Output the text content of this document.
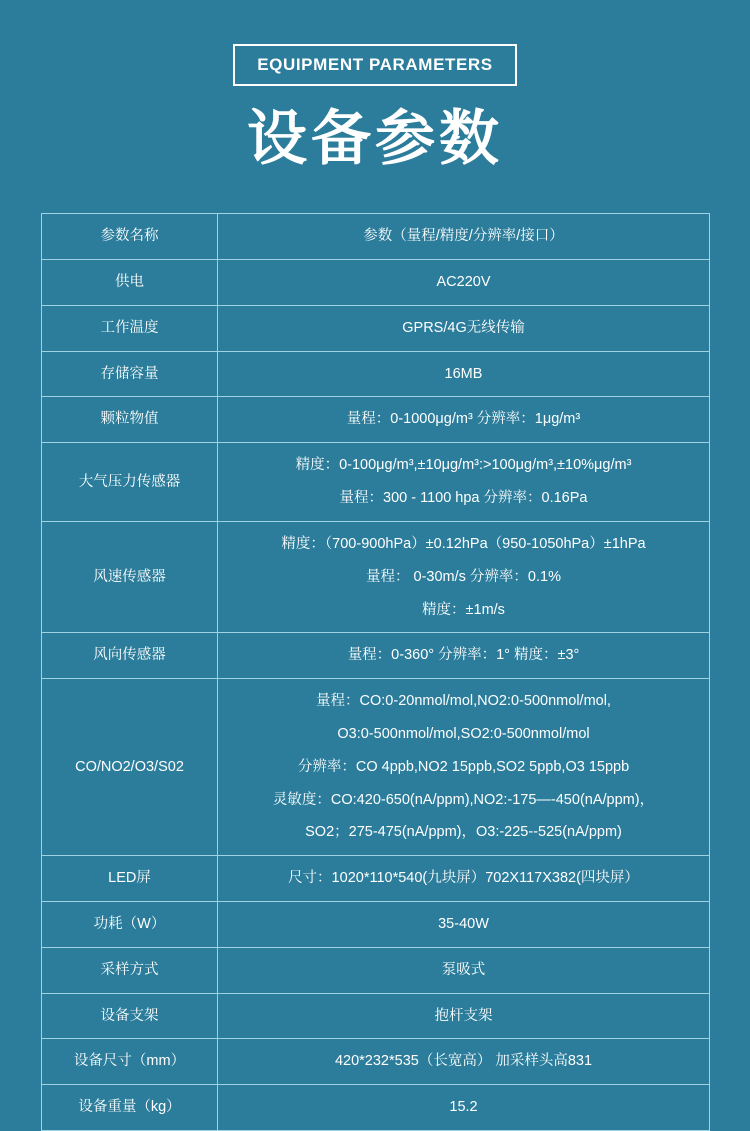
EQUIPMENT PARAMETERS
设备参数
参数名称	参数（量程/精度/分辨率/接口）
供电	AC220V

工作温度	GPRS/4G无线传输

存储容量	16MB

颗粒物值	量程：0-1000μg/m³ 分辨率：1μg/m³

大气压力传感器	精度：0-100μg/m³,±10μg/m³:>100μg/m³,±10%μg/m³
量程：300 - 1100 hpa 分辨率：0.16Pa

风速传感器	精度：（700-900hPa）±0.12hPa（950-1050hPa）±1hPa
量程： 0-30m/s 分辨率：0.1%
精度：±1m/s

风向传感器	量程：0-360° 分辨率：1° 精度：±3°

CO/NO2/O3/S02	量程：CO:0-20nmol/mol,NO2:0-500nmol/mol,
O3:0-500nmol/mol,SO2:0-500nmol/mol
分辨率：CO 4ppb,NO2 15ppb,SO2 5ppb,O3 15ppb
灵敏度：CO:420-650(nA/ppm),NO2:-175—-450(nA/ppm)，
SO2；275-475(nA/ppm)，O3:-225--525(nA/ppm)

LED屏	尺寸：1020*110*540(九块屏）702X117X382(四块屏）

功耗（W）	35-40W

采样方式	泵吸式

设备支架	抱杆支架

设备尺寸（mm）	420*232*535（长宽高） 加采样头高831

设备重量（kg）	15.2
